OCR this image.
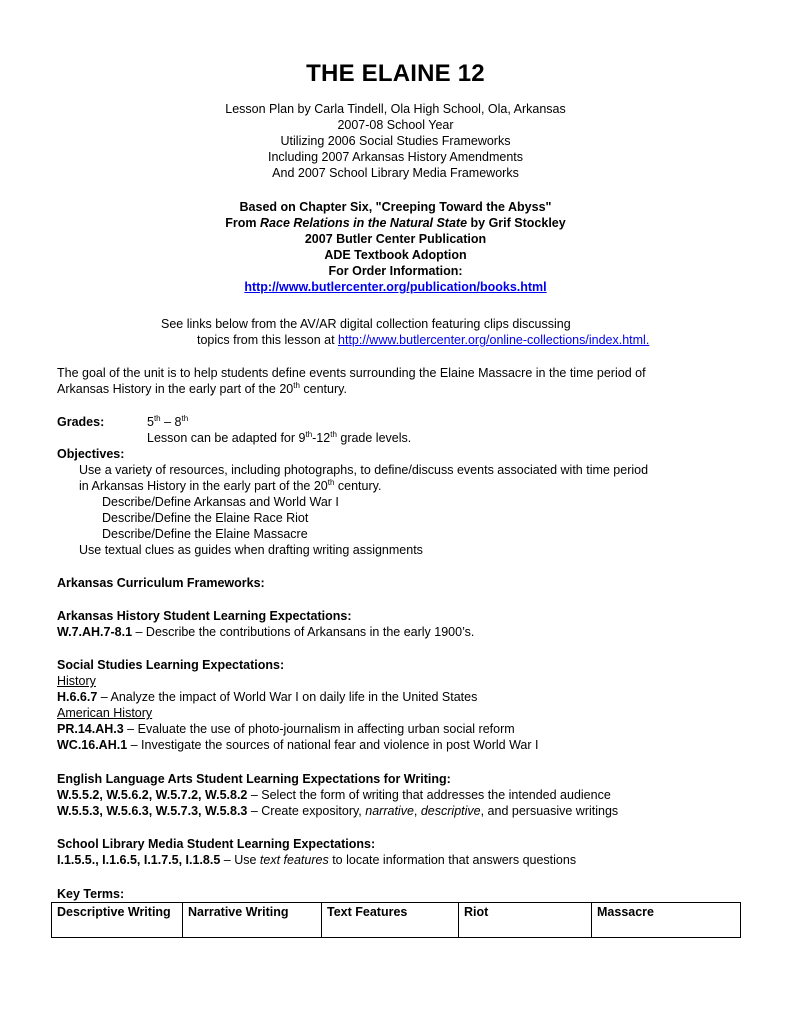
THE ELAINE 12
Lesson Plan by Carla Tindell, Ola High School, Ola, Arkansas
2007-08 School Year
Utilizing 2006 Social Studies Frameworks
Including 2007 Arkansas History Amendments
And 2007 School Library Media Frameworks
Based on Chapter Six, "Creeping Toward the Abyss"
From Race Relations in the Natural State by Grif Stockley
2007 Butler Center Publication
ADE Textbook Adoption
For Order Information:
http://www.butlercenter.org/publication/books.html
See links below from the AV/AR digital collection featuring clips discussing
topics from this lesson at http://www.butlercenter.org/online-collections/index.html.
The goal of the unit is to help students define events surrounding the Elaine Massacre in the time period of
Arkansas History in the early part of the 20th century.
Grades:	5th – 8th
Lesson can be adapted for 9th-12th grade levels.
Objectives:
Use a variety of resources, including photographs, to define/discuss events associated with time period
in Arkansas History in the early part of the 20th century.
Describe/Define Arkansas and World War I
Describe/Define the Elaine Race Riot
Describe/Define the Elaine Massacre
Use textual clues as guides when drafting writing assignments
Arkansas Curriculum Frameworks:
Arkansas History Student Learning Expectations:
W.7.AH.7-8.1 – Describe the contributions of Arkansans in the early 1900’s.
Social Studies Learning Expectations:
History
H.6.6.7 – Analyze the impact of World War I on daily life in the United States
American History
PR.14.AH.3 – Evaluate the use of photo-journalism in affecting urban social reform
WC.16.AH.1 – Investigate the sources of national fear and violence in post World War I
English Language Arts Student Learning Expectations for Writing:
W.5.5.2, W.5.6.2, W.5.7.2, W.5.8.2 – Select the form of writing that addresses the intended audience
W.5.5.3, W.5.6.3, W.5.7.3, W.5.8.3 – Create expository, narrative, descriptive, and persuasive writings
School Library Media Student Learning Expectations:
I.1.5.5., I.1.6.5, I.1.7.5, I.1.8.5 – Use text features to locate information that answers questions
Key Terms:
Descriptive Writing	Narrative Writing	Text Features	Riot	Massacre
